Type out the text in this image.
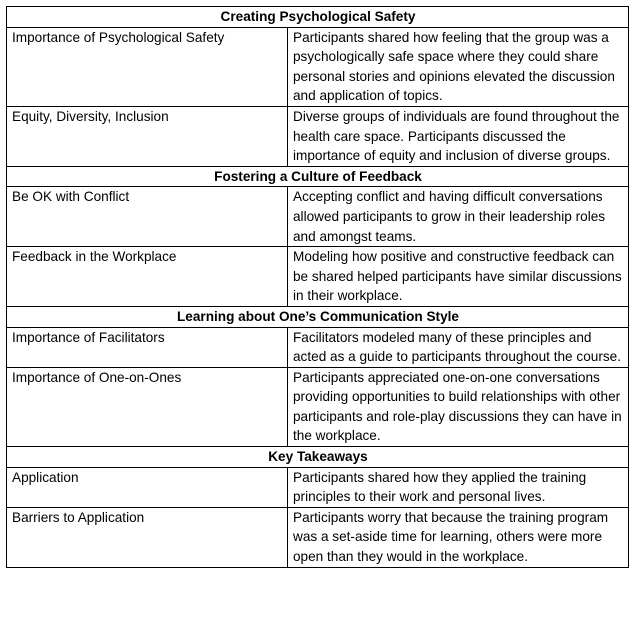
Creating Psychological Safety	
Importance of Psychological Safety	Participants shared how feeling that the group was a psychologically safe space where they could share personal stories and opinions elevated the discussion and application of topics.
Equity, Diversity, Inclusion	Diverse groups of individuals are found throughout the health care space. Participants discussed the importance of equity and inclusion of diverse groups.
Fostering a Culture of Feedback	
Be OK with Conflict	Accepting conflict and having difficult conversations allowed participants to grow in their leadership roles and amongst teams.
Feedback in the Workplace	Modeling how positive and constructive feedback can be shared helped participants have similar discussions in their workplace.
Learning about One’s Communication Style	
Importance of Facilitators	Facilitators modeled many of these principles and acted as a guide to participants throughout the course.
Importance of One-on-Ones	Participants appreciated one-on-one conversations providing opportunities to build relationships with other participants and role-play discussions they can have in the workplace.
Key Takeaways	
Application	Participants shared how they applied the training principles to their work and personal lives.
Barriers to Application	Participants worry that because the training program was a set-aside time for learning, others were more open than they would in the workplace.
